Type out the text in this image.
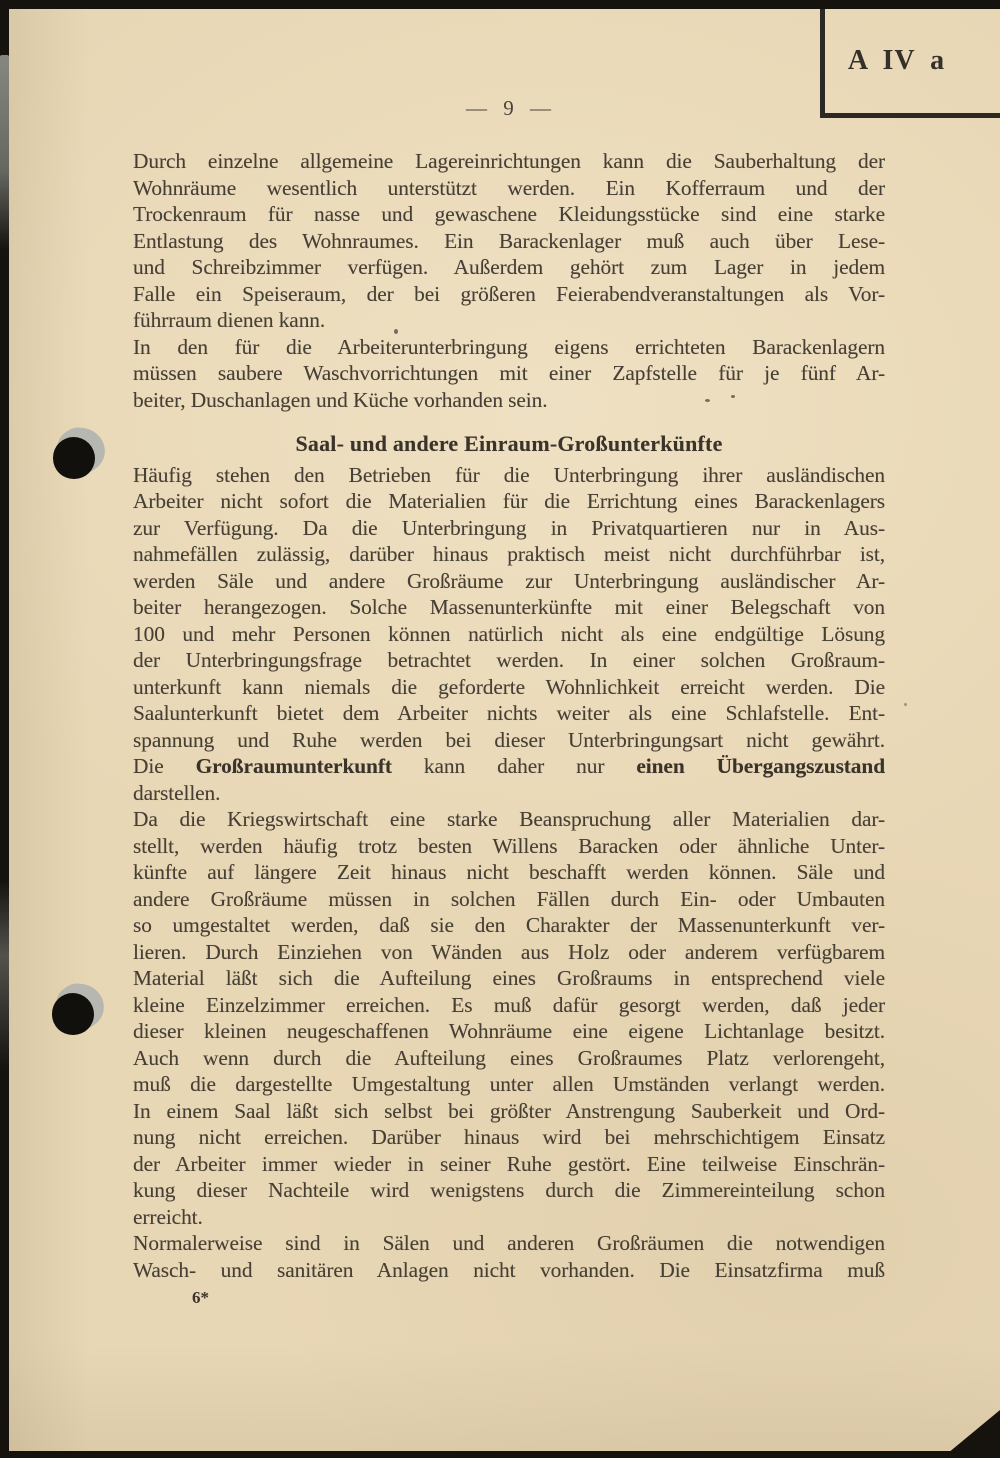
A IV a
— 9 —
Durch einzelne allgemeine Lagereinrichtungen kann die Sauberhaltung der
Wohnräume wesentlich unterstützt werden. Ein Kofferraum und der
Trockenraum für nasse und gewaschene Kleidungsstücke sind eine starke
Entlastung des Wohnraumes. Ein Barackenlager muß auch über Lese-
und Schreibzimmer verfügen. Außerdem gehört zum Lager in jedem
Falle ein Speiseraum, der bei größeren Feierabendveranstaltungen als Vor-
führraum dienen kann.
In den für die Arbeiterunterbringung eigens errichteten Barackenlagern
müssen saubere Waschvorrichtungen mit einer Zapfstelle für je fünf Ar-
beiter, Duschanlagen und Küche vorhanden sein.
Saal- und andere Einraum-Großunterkünfte
Häufig stehen den Betrieben für die Unterbringung ihrer ausländischen
Arbeiter nicht sofort die Materialien für die Errichtung eines Barackenlagers
zur Verfügung. Da die Unterbringung in Privatquartieren nur in Aus-
nahmefällen zulässig, darüber hinaus praktisch meist nicht durchführbar ist,
werden Säle und andere Großräume zur Unterbringung ausländischer Ar-
beiter herangezogen. Solche Massenunterkünfte mit einer Belegschaft von
100 und mehr Personen können natürlich nicht als eine endgültige Lösung
der Unterbringungsfrage betrachtet werden. In einer solchen Großraum-
unterkunft kann niemals die geforderte Wohnlichkeit erreicht werden. Die
Saalunterkunft bietet dem Arbeiter nichts weiter als eine Schlafstelle. Ent-
spannung und Ruhe werden bei dieser Unterbringungsart nicht gewährt.
Die Großraumunterkunft kann daher nur einen Übergangszustand
darstellen.
Da die Kriegswirtschaft eine starke Beanspruchung aller Materialien dar-
stellt, werden häufig trotz besten Willens Baracken oder ähnliche Unter-
künfte auf längere Zeit hinaus nicht beschafft werden können. Säle und
andere Großräume müssen in solchen Fällen durch Ein- oder Umbauten
so umgestaltet werden, daß sie den Charakter der Massenunterkunft ver-
lieren. Durch Einziehen von Wänden aus Holz oder anderem verfügbarem
Material läßt sich die Aufteilung eines Großraums in entsprechend viele
kleine Einzelzimmer erreichen. Es muß dafür gesorgt werden, daß jeder
dieser kleinen neugeschaffenen Wohnräume eine eigene Lichtanlage besitzt.
Auch wenn durch die Aufteilung eines Großraumes Platz verlorengeht,
muß die dargestellte Umgestaltung unter allen Umständen verlangt werden.
In einem Saal läßt sich selbst bei größter Anstrengung Sauberkeit und Ord-
nung nicht erreichen. Darüber hinaus wird bei mehrschichtigem Einsatz
der Arbeiter immer wieder in seiner Ruhe gestört. Eine teilweise Einschrän-
kung dieser Nachteile wird wenigstens durch die Zimmereinteilung schon
erreicht.
Normalerweise sind in Sälen und anderen Großräumen die notwendigen
Wasch- und sanitären Anlagen nicht vorhanden. Die Einsatzfirma muß
6*
